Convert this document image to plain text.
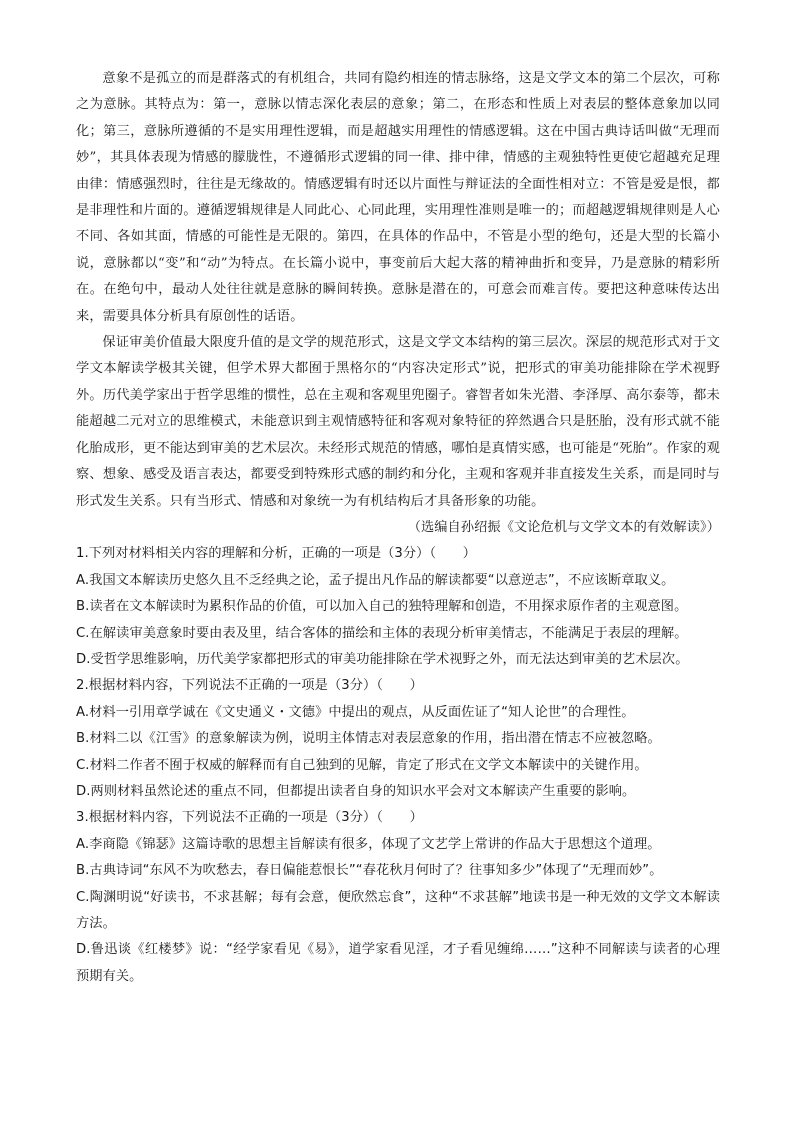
意象不是孤立的而是群落式的有机组合，共同有隐约相连的情志脉络，这是文学文本的第二个层次，可称之为意脉。其特点为：第一，意脉以情志深化表层的意象；第二，在形态和性质上对表层的整体意象加以同化；第三，意脉所遵循的不是实用理性逻辑，而是超越实用理性的情感逻辑。这在中国古典诗话叫做“无理而妙”，其具体表现为情感的朦胧性，不遵循形式逻辑的同一律、排中律，情感的主观独特性更使它超越充足理由律：情感强烈时，往往是无缘故的。情感逻辑有时还以片面性与辩证法的全面性相对立：不管是爱是恨，都是非理性和片面的。遵循逻辑规律是人同此心、心同此理，实用理性准则是唯一的；而超越逻辑规律则是人心不同、各如其面，情感的可能性是无限的。第四，在具体的作品中，不管是小型的绝句，还是大型的长篇小说，意脉都以“变”和“动”为特点。在长篇小说中，事变前后大起大落的精神曲折和变异，乃是意脉的精彩所在。在绝句中，最动人处往往就是意脉的瞬间转换。意脉是潜在的，可意会而难言传。要把这种意味传达出来，需要具体分析具有原创性的话语。

保证审美价值最大限度升值的是文学的规范形式，这是文学文本结构的第三层次。深层的规范形式对于文学文本解读学极其关键，但学术界大都囿于黑格尔的“内容决定形式”说，把形式的审美功能排除在学术视野外。历代美学家出于哲学思维的惯性，总在主观和客观里兜圈子。睿智者如朱光潜、李泽厚、高尔泰等，都未能超越二元对立的思维模式，未能意识到主观情感特征和客观对象特征的猝然遇合只是胚胎，没有形式就不能化胎成形，更不能达到审美的艺术层次。未经形式规范的情感，哪怕是真情实感，也可能是“死胎”。作家的观察、想象、感受及语言表达，都要受到特殊形式感的制约和分化，主观和客观并非直接发生关系，而是同时与形式发生关系。只有当形式、情感和对象统一为有机结构后才具备形象的功能。

（选编自孙绍振《文论危机与文学文本的有效解读》）

1.下列对材料相关内容的理解和分析，正确的一项是（3分）（　　）

A.我国文本解读历史悠久且不乏经典之论，孟子提出凡作品的解读都要“以意逆志”，不应该断章取义。

B.读者在文本解读时为累积作品的价值，可以加入自己的独特理解和创造，不用探求原作者的主观意图。

C.在解读审美意象时要由表及里，结合客体的描绘和主体的表现分析审美情志，不能满足于表层的理解。

D.受哲学思维影响，历代美学家都把形式的审美功能排除在学术视野之外，而无法达到审美的艺术层次。

2.根据材料内容，下列说法不正确的一项是（3分）（　　）

A.材料一引用章学诚在《文史通义・文德》中提出的观点，从反面佐证了“知人论世”的合理性。

B.材料二以《江雪》的意象解读为例，说明主体情志对表层意象的作用，指出潜在情志不应被忽略。

C.材料二作者不囿于权威的解释而有自己独到的见解，肯定了形式在文学文本解读中的关键作用。

D.两则材料虽然论述的重点不同，但都提出读者自身的知识水平会对文本解读产生重要的影响。

3.根据材料内容，下列说法不正确的一项是（3分）（　　）

A.李商隐《锦瑟》这篇诗歌的思想主旨解读有很多，体现了文艺学上常讲的作品大于思想这个道理。

B.古典诗词“东风不为吹愁去，春日偏能惹恨长”“春花秋月何时了？往事知多少”体现了“无理而妙”。

C.陶渊明说“好读书，不求甚解；每有会意，便欣然忘食”，这种“不求甚解”地读书是一种无效的文学文本解读方法。

D.鲁迅谈《红楼梦》说：“经学家看见《易》，道学家看见淫，才子看见缠绵……”这种不同解读与读者的心理预期有关。
